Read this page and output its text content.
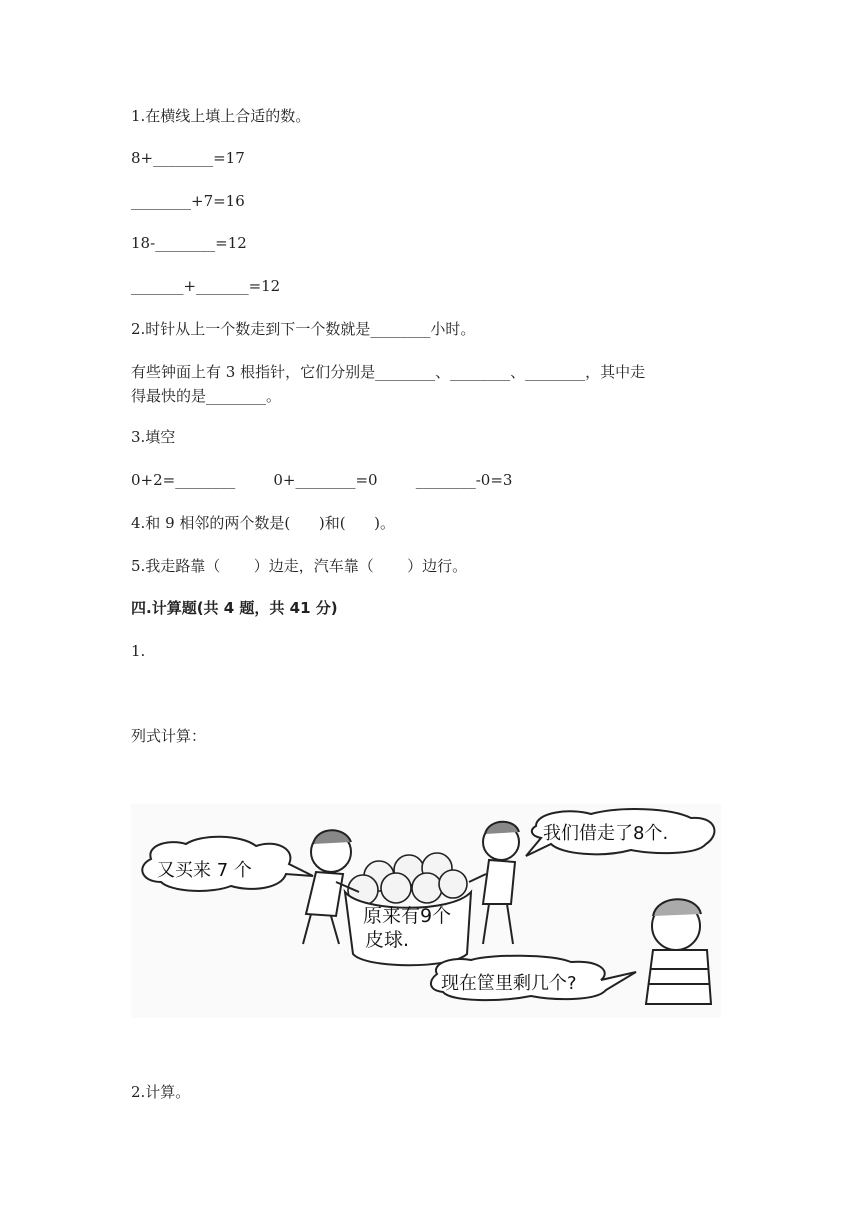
1.在横线上填上合适的数。
8+________=17
________+7=16
18-________=12
_______+_______=12
2.时针从上一个数走到下一个数就是________小时。
有些钟面上有 3 根指针，它们分别是________、________、________，其中走
得最快的是________。
3.填空
0+2=________        0+________=0        ________-0=3
4.和 9 相邻的两个数是(      )和(      )。
5.我走路靠（       ）边走，汽车靠（       ）边行。
四.计算题(共 4 题，共 41 分)
1.
列式计算：
又买来 7 个
我们借走了8个.
原来有9个
皮球.
现在筐里剩几个?
2.计算。
